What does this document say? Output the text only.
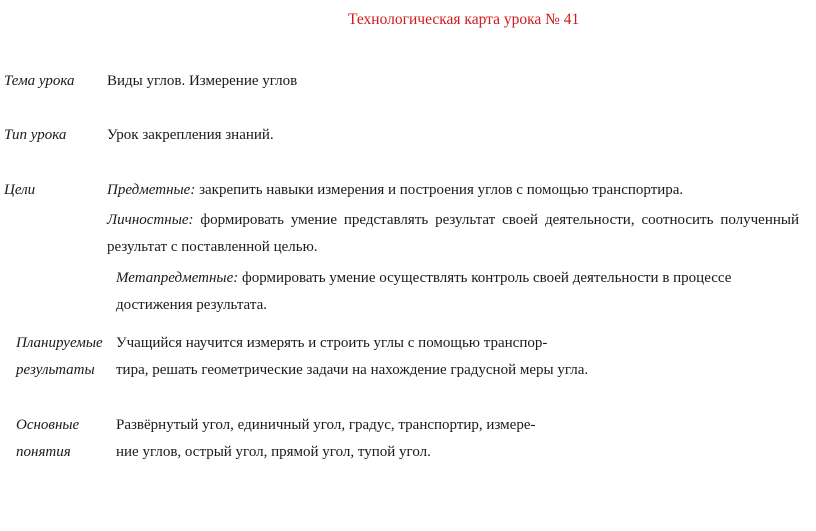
Технологическая карта урока № 41
Тема урока Виды углов. Измерение углов
Тип урока	Урок закрепления знаний.
Цели	Предметные: закрепить навыки измерения и построения углов с помощью транспортира.
Личностные: формировать умение представлять результат своей деятельности, соотносить полученный
результат с поставленной целью.
Метапредметные: формировать умение осуществлять контроль своей деятельности в процессе
достижения результата.
Планируемые
результаты
Учащийся научится измерять и строить углы с помощью транспор-
тира, решать геометрические задачи на нахождение градусной меры угла.
Основные
понятия
Развёрнутый угол, единичный угол, градус, транспортир, измере-
ние углов, острый угол, прямой угол, тупой угол.
